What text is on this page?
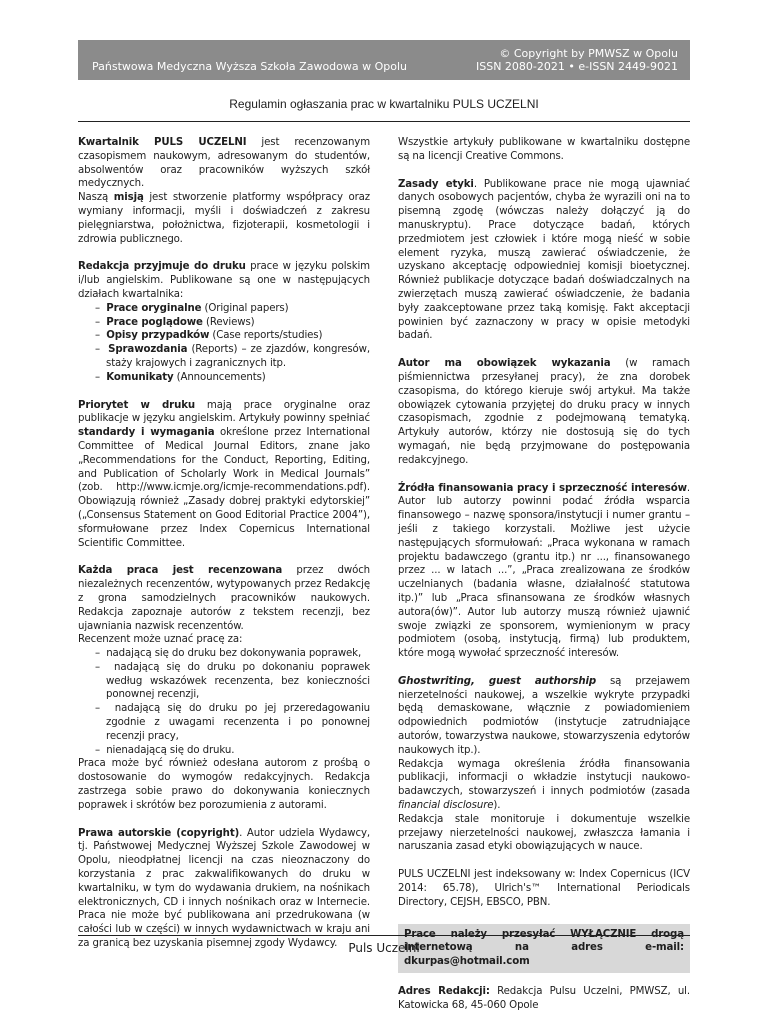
Państwowa Medyczna Wyższa Szkoła Zawodowa w Opolu
© Copyright by PMWSZ w Opolu
ISSN 2080-2021 • e-ISSN 2449-9021
Regulamin ogłaszania prac w kwartalniku PULS UCZELNI

Kwartalnik PULS UCZELNI jest recenzowanym czasopismem naukowym, adresowanym do studentów, absolwentów oraz pracowników wyższych szkół medycznych.
Naszą misją jest stworzenie platformy współpracy oraz wymiany informacji, myśli i doświadczeń z zakresu pielęgniarstwa, położnictwa, fizjoterapii, kosmetologii i zdrowia publicznego.

Redakcja przyjmuje do druku prace w języku polskim i/lub angielskim. Publikowane są one w następujących działach kwartalnika:
–  Prace oryginalne (Original papers)
–  Prace poglądowe (Reviews)
–  Opisy przypadków (Case reports/studies)
–  Sprawozdania (Reports) – ze zjazdów, kongresów, staży krajowych i zagranicznych itp.
–  Komunikaty (Announcements)

Priorytet w druku mają prace oryginalne oraz publikacje w języku angielskim. Artykuły powinny spełniać standardy i wymagania określone przez International Committee of Medical Journal Editors, znane jako „Recommendations for the Conduct, Reporting, Editing, and Publication of Scholarly Work in Medical Journals” (zob. http://www.icmje.org/icmje-recommendations.pdf). Obowiązują również „Zasady dobrej praktyki edytorskiej” („Consensus Statement on Good Editorial Practice 2004”), sformułowane przez Index Copernicus International Scientific Committee.

Każda praca jest recenzowana przez dwóch niezależnych recenzentów, wytypowanych przez Redakcję z grona samodzielnych pracowników naukowych. Redakcja zapoznaje autorów z tekstem recenzji, bez ujawniania nazwisk recenzentów.
Recenzent może uznać pracę za:
–  nadającą się do druku bez dokonywania poprawek,
–  nadającą się do druku po dokonaniu poprawek według wskazówek recenzenta, bez konieczności ponownej recenzji,
–  nadającą się do druku po jej przeredagowaniu zgodnie z uwagami recenzenta i po ponownej recenzji pracy,
–  nienadającą się do druku.
Praca może być również odesłana autorom z prośbą o dostosowanie do wymogów redakcyjnych. Redakcja zastrzega sobie prawo do dokonywania koniecznych poprawek i skrótów bez porozumienia z autorami.

Prawa autorskie (copyright). Autor udziela Wydawcy, tj. Państwowej Medycznej Wyższej Szkole Zawodowej w Opolu, nieodpłatnej licencji na czas nieoznaczony do korzystania z prac zakwalifikowanych do druku w kwartalniku, w tym do wydawania drukiem, na nośnikach elektronicznych, CD i innych nośnikach oraz w Internecie. Praca nie może być publikowana ani przedrukowana (w całości lub w części) w innych wydawnictwach w kraju ani za granicą bez uzyskania pisemnej zgody Wydawcy.

Wszystkie artykuły publikowane w kwartalniku dostępne są na licencji Creative Commons.

Zasady etyki. Publikowane prace nie mogą ujawniać danych osobowych pacjentów, chyba że wyrazili oni na to pisemną zgodę (wówczas należy dołączyć ją do manuskryptu). Prace dotyczące badań, których przedmiotem jest człowiek i które mogą nieść w sobie element ryzyka, muszą zawierać oświadczenie, że uzyskano akceptację odpowiedniej komisji bioetycznej. Również publikacje dotyczące badań doświadczalnych na zwierzętach muszą zawierać oświadczenie, że badania były zaakceptowane przez taką komisję. Fakt akceptacji powinien być zaznaczony w pracy w opisie metodyki badań.

Autor ma obowiązek wykazania (w ramach piśmiennictwa przesyłanej pracy), że zna dorobek czasopisma, do którego kieruje swój artykuł. Ma także obowiązek cytowania przyjętej do druku pracy w innych czasopismach, zgodnie z podejmowaną tematyką. Artykuły autorów, którzy nie dostosują się do tych wymagań, nie będą przyjmowane do postępowania redakcyjnego.

Źródła finansowania pracy i sprzeczność interesów. Autor lub autorzy powinni podać źródła wsparcia finansowego – nazwę sponsora/instytucji i numer grantu – jeśli z takiego korzystali. Możliwe jest użycie następujących sformułowań: „Praca wykonana w ramach projektu badawczego (grantu itp.) nr ..., finansowanego przez ... w latach ...”, „Praca zrealizowana ze środków uczelnianych (badania własne, działalność statutowa itp.)” lub „Praca sfinansowana ze środków własnych autora(ów)”. Autor lub autorzy muszą również ujawnić swoje związki ze sponsorem, wymienionym w pracy podmiotem (osobą, instytucją, firmą) lub produktem, które mogą wywołać sprzeczność interesów.

Ghostwriting, guest authorship są przejawem nierzetelności naukowej, a wszelkie wykryte przypadki będą demaskowane, włącznie z powiadomieniem odpowiednich podmiotów (instytucje zatrudniające autorów, towarzystwa naukowe, stowarzyszenia edytorów naukowych itp.).
Redakcja wymaga określenia źródła finansowania publikacji, informacji o wkładzie instytucji naukowo-badawczych, stowarzyszeń i innych podmiotów (zasada financial disclosure).
Redakcja stale monitoruje i dokumentuje wszelkie przejawy nierzetelności naukowej, zwłaszcza łamania i naruszania zasad etyki obowiązujących w nauce.

PULS UCZELNI jest indeksowany w: Index Copernicus (ICV 2014: 65.78), Ulrich's™ International Periodicals Directory, CEJSH, EBSCO, PBN.

internetową na adres e-mail: dkurpas@hotmail.com

Adres Redakcji: Redakcja Pulsu Uczelni, PMWSZ, ul. Katowicka 68, 45-060 Opole

Puls Uczelni
